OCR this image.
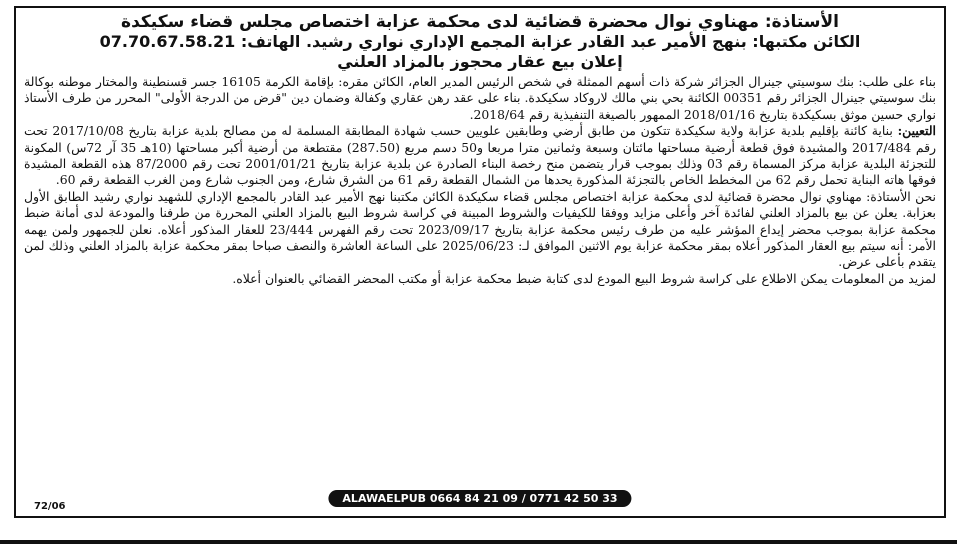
الأستاذة: مهناوي نوال محضرة قضائية لدى محكمة عزابة اختصاص مجلس قضاء سكيكدة

الكائن مكتبها: بنهج الأمير عبد القادر عزابة المجمع الإداري نواري رشيد. الهاتف: 07.70.67.58.21

إعلان بيع عقار محجوز بالمزاد العلني

بناء على طلب: بنك سوسيتي جينرال الجزائر شركة ذات أسهم الممثلة في شخص الرئيس المدير العام، الكائن مقره: بإقامة الكرمة 16105 جسر قسنطينة والمختار موطنه بوكالة بنك سوسيتي جينرال الجزائر رقم 00351 الكائنة بحي بني مالك لاروكاد سكيكدة. بناء على عقد رهن عقاري وكفالة وضمان دين "قرض من الدرجة الأولى" المحرر من طرف الأستاذ نواري حسين موثق بسكيكدة بتاريخ 2018/01/16 الممهور بالصيغة التنفيذية رقم 2018/64.

التعيين: بناية كائنة بإقليم بلدية عزابة ولاية سكيكدة تتكون من طابق أرضي وطابقين علويين حسب شهادة المطابقة المسلمة له من مصالح بلدية عزابة بتاريخ 2017/10/08 تحت رقم 2017/484 والمشيدة فوق قطعة أرضية مساحتها مائتان وسبعة وثمانين مترا مربعا و50 دسم مربع (287.50) مقتطعة من أرضية أكبر مساحتها (10هـ 35 آر 72س) المكونة للتجزئة البلدية عزابة مركز المسماة رقم 03 وذلك بموجب قرار يتضمن منح رخصة البناء الصادرة عن بلدية عزابة بتاريخ 2001/01/21 تحت رقم 87/2000 هذه القطعة المشيدة فوقها هاته البناية تحمل رقم 62 من المخطط الخاص بالتجزئة المذكورة يحدها من الشمال القطعة رقم 61 من الشرق شارع، ومن الجنوب شارع ومن الغرب القطعة رقم 60.

نحن الأستاذة: مهناوي نوال محضرة قضائية لدى محكمة عزابة اختصاص مجلس قضاء سكيكدة الكائن مكتبنا نهج الأمير عبد القادر بالمجمع الإداري للشهيد نواري رشيد الطابق الأول بعزابة. يعلن عن بيع بالمزاد العلني لفائدة آخر وأعلى مزايد ووفقا للكيفيات والشروط المبينة في كراسة شروط البيع بالمزاد العلني المحررة من طرفنا والمودعة لدى أمانة ضبط محكمة عزابة بموجب محضر إيداع المؤشر عليه من طرف رئيس محكمة عزابة بتاريخ 2023/09/17 تحت رقم الفهرس 23/444 للعقار المذكور أعلاه. نعلن للجمهور ولمن يهمه الأمر: أنه سيتم بيع العقار المذكور أعلاه بمقر محكمة عزابة يوم الاثنين الموافق لـ: 2025/06/23 على الساعة العاشرة والنصف صباحا بمقر محكمة عزابة بالمزاد العلني وذلك لمن يتقدم بأعلى عرض.

لمزيد من المعلومات يمكن الاطلاع على كراسة شروط البيع المودع لدى كتابة ضبط محكمة عزابة أو مكتب المحضر القضائي بالعنوان أعلاه.

72/06
ALAWAELPUB 0664 84 21 09 / 0771 42 50 33
